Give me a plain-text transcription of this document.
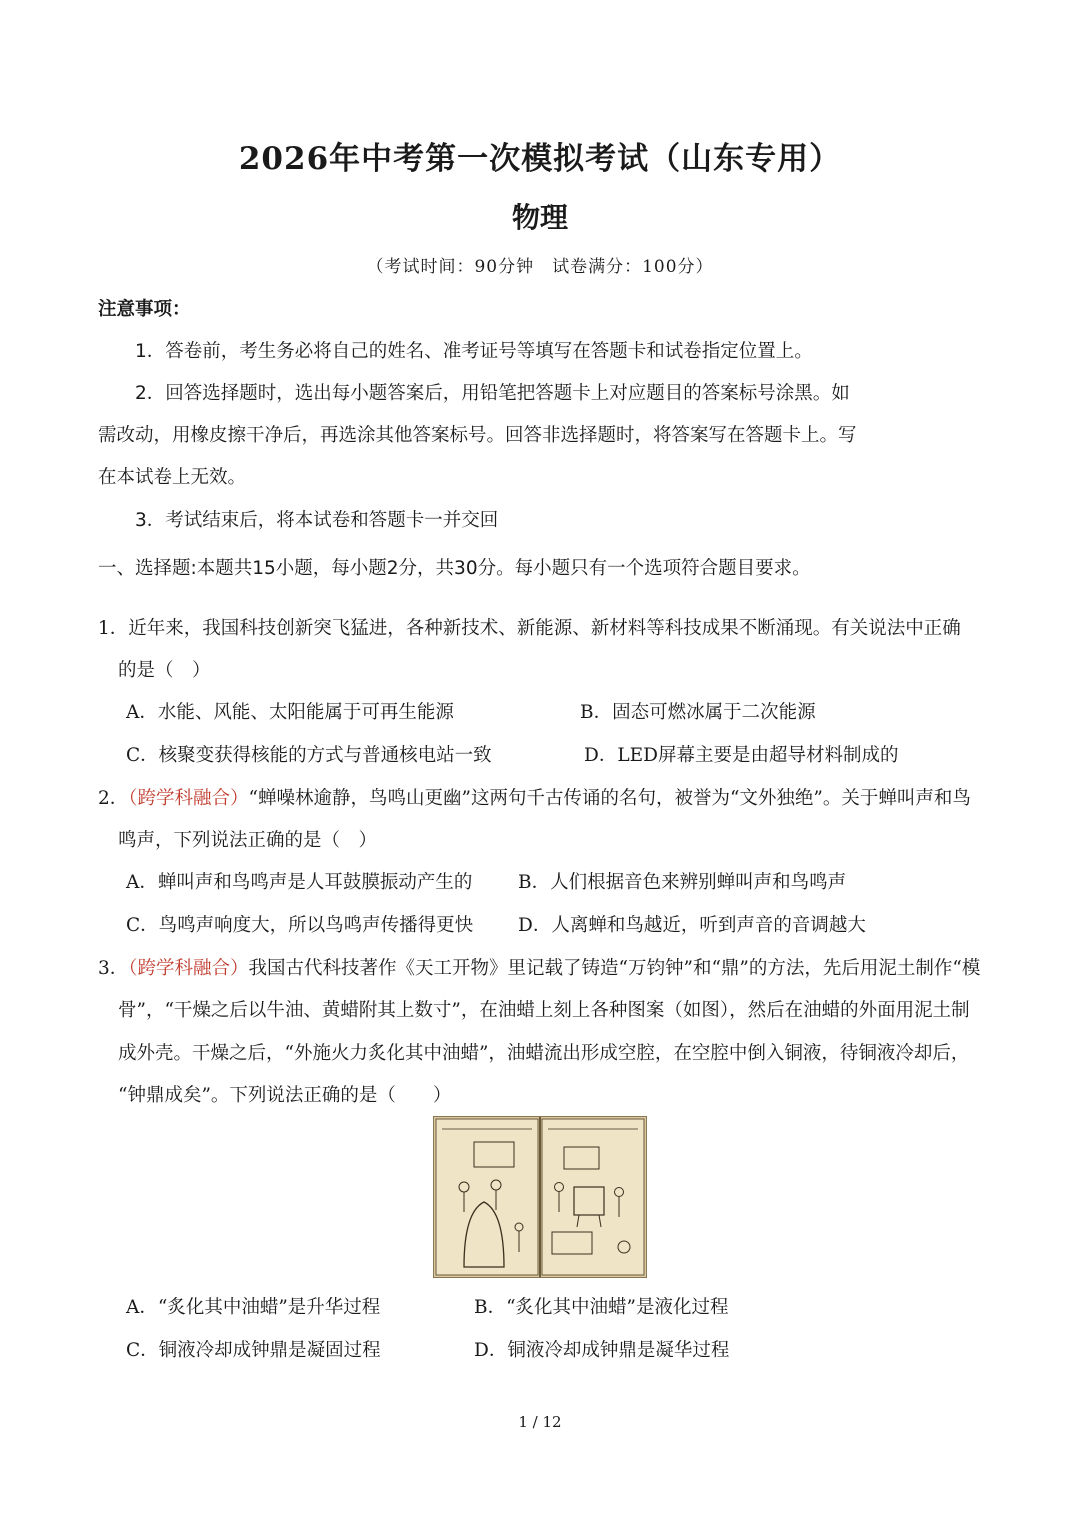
2026年中考第一次模拟考试（山东专用）
物理
（考试时间：90分钟　试卷满分：100分）
注意事项：
1．答卷前，考生务必将自己的姓名、准考证号等填写在答题卡和试卷指定位置上。
2．回答选择题时，选出每小题答案后，用铅笔把答题卡上对应题目的答案标号涂黑。如
需改动，用橡皮擦干净后，再选涂其他答案标号。回答非选择题时，将答案写在答题卡上。写
在本试卷上无效。
3．考试结束后，将本试卷和答题卡一并交回
一、选择题:本题共15小题，每小题2分，共30分。每小题只有一个选项符合题目要求。
1．近年来，我国科技创新突飞猛进，各种新技术、新能源、新材料等科技成果不断涌现。有关说法中正确
的是（　）
A．水能、风能、太阳能属于可再生能源	B．固态可燃冰属于二次能源
C．核聚变获得核能的方式与普通核电站一致	D．LED屏幕主要是由超导材料制成的
2．（跨学科融合）“蝉噪林逾静，鸟鸣山更幽”这两句千古传诵的名句，被誉为“文外独绝”。关于蝉叫声和鸟
鸣声，下列说法正确的是（　）
A．蝉叫声和鸟鸣声是人耳鼓膜振动产生的 B．人们根据音色来辨别蝉叫声和鸟鸣声
C．鸟鸣声响度大，所以鸟鸣声传播得更快 D．人离蝉和鸟越近，听到声音的音调越大
3．（跨学科融合）我国古代科技著作《天工开物》里记载了铸造“万钧钟”和“鼎”的方法，先后用泥土制作“模
骨”，“干燥之后以牛油、黄蜡附其上数寸”，在油蜡上刻上各种图案（如图），然后在油蜡的外面用泥土制
成外壳。干燥之后，“外施火力炙化其中油蜡”，油蜡流出形成空腔，在空腔中倒入铜液，待铜液冷却后，
“钟鼎成矣”。下列说法正确的是（　　）
A．“炙化其中油蜡”是升华过程	B．“炙化其中油蜡”是液化过程
C．铜液冷却成钟鼎是凝固过程	D．铜液冷却成钟鼎是凝华过程
1 / 12
